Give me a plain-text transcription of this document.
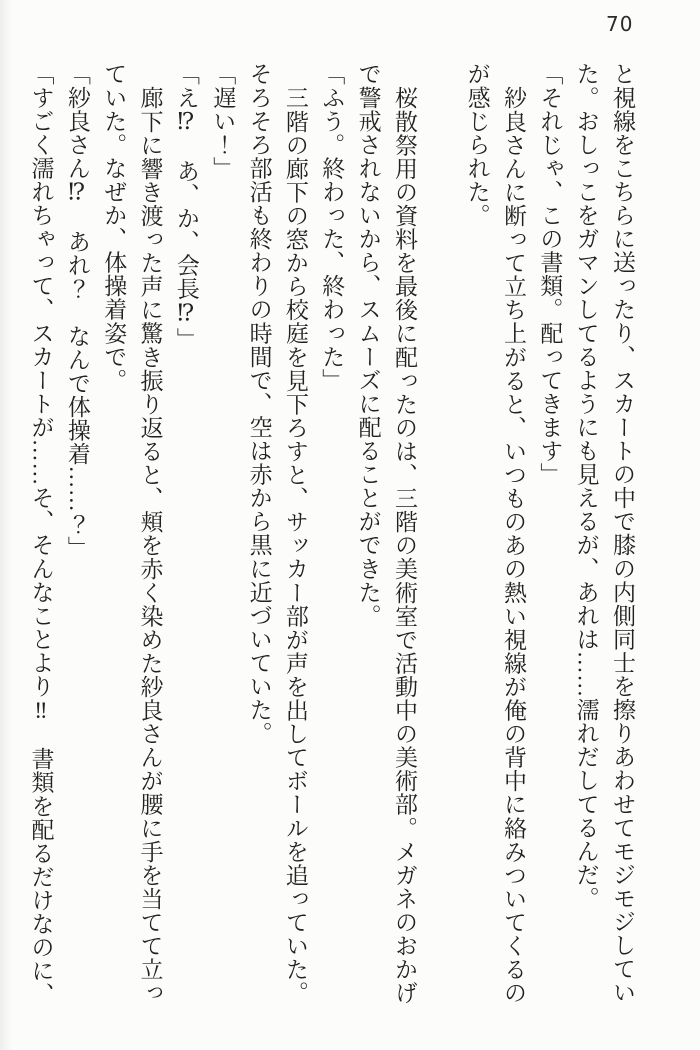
70
と視線をこちらに送ったり、スカートの中で膝の内側同士を擦りあわせてモジモジしてい
た。おしっこをガマンしてるようにも見えるが、あれは……濡れだしてるんだ。
「それじゃ、この書類。配ってきます」
紗良さんに断って立ち上がると、いつものあの熱い視線が俺の背中に絡みついてくるの
が感じられた。
桜散祭用の資料を最後に配ったのは、三階の美術室で活動中の美術部。メガネのおかげ
で警戒されないから、スムーズに配ることができた。
「ふう。終わった、終わった」
三階の廊下の窓から校庭を見下ろすと、サッカー部が声を出してボールを追っていた。
そろそろ部活も終わりの時間で、空は赤から黒に近づいていた。
「遅い！」
「え⁉　あ、か、会長⁉」
廊下に響き渡った声に驚き振り返ると、頬を赤く染めた紗良さんが腰に手を当てて立っ
ていた。なぜか、体操着姿で。
「紗良さん⁉　あれ？　なんで体操着……？」
「すごく濡れちゃって、スカートが……そ、そんなことより‼　書類を配るだけなのに、
